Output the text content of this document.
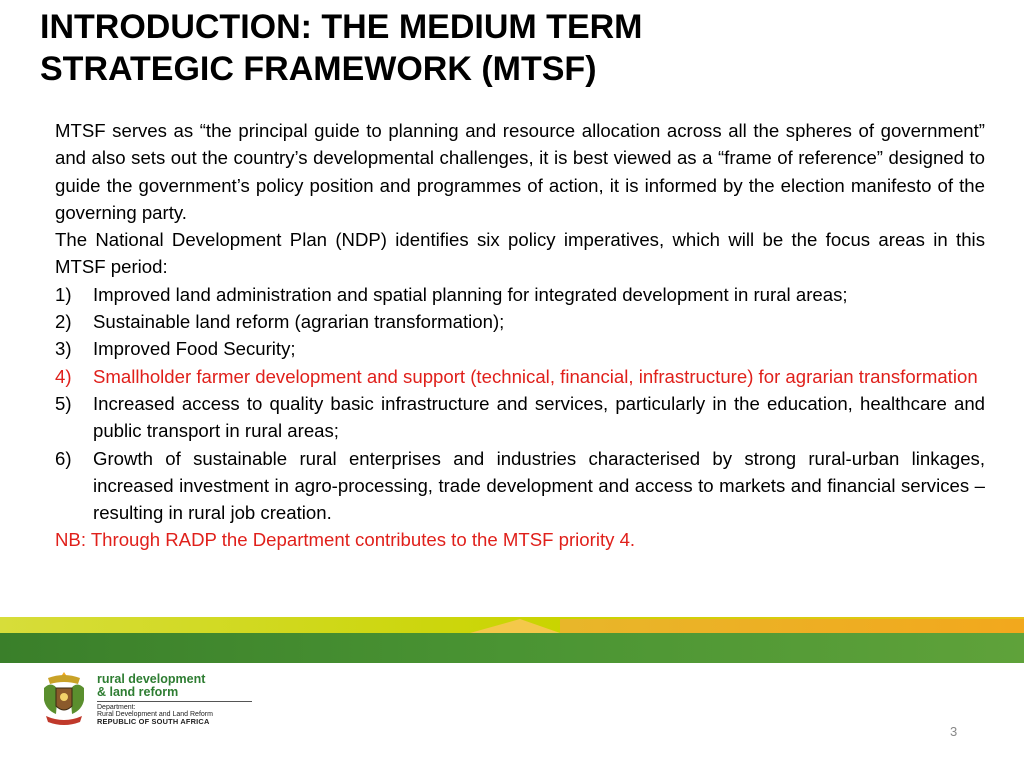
INTRODUCTION: THE MEDIUM TERM
STRATEGIC FRAMEWORK (MTSF)

MTSF serves as “the principal guide to planning and resource allocation across all the spheres of government” and also sets out the country’s developmental challenges, it is best viewed as a “frame of reference” designed to guide the government’s policy position and programmes of action, it is informed by the election manifesto of the governing party.

The National Development Plan (NDP) identifies six policy imperatives, which will be the focus areas in this MTSF period:

1)	Improved land administration and spatial planning for integrated development in rural areas;
2)	Sustainable land reform (agrarian transformation);
3)	Improved Food Security;
4)	Smallholder farmer development and support (technical, financial, infrastructure) for agrarian transformation
5)	Increased access to quality basic infrastructure and services, particularly in the education, healthcare and public transport in rural areas;
6)	Growth of sustainable rural enterprises and industries characterised by strong rural-urban linkages, increased investment in agro-processing, trade development and access to markets and financial services – resulting in rural job creation.

NB: Through RADP the Department contributes to the MTSF priority 4.

rural development
& land reform
Department:
Rural Development and Land Reform
REPUBLIC OF SOUTH AFRICA
3
